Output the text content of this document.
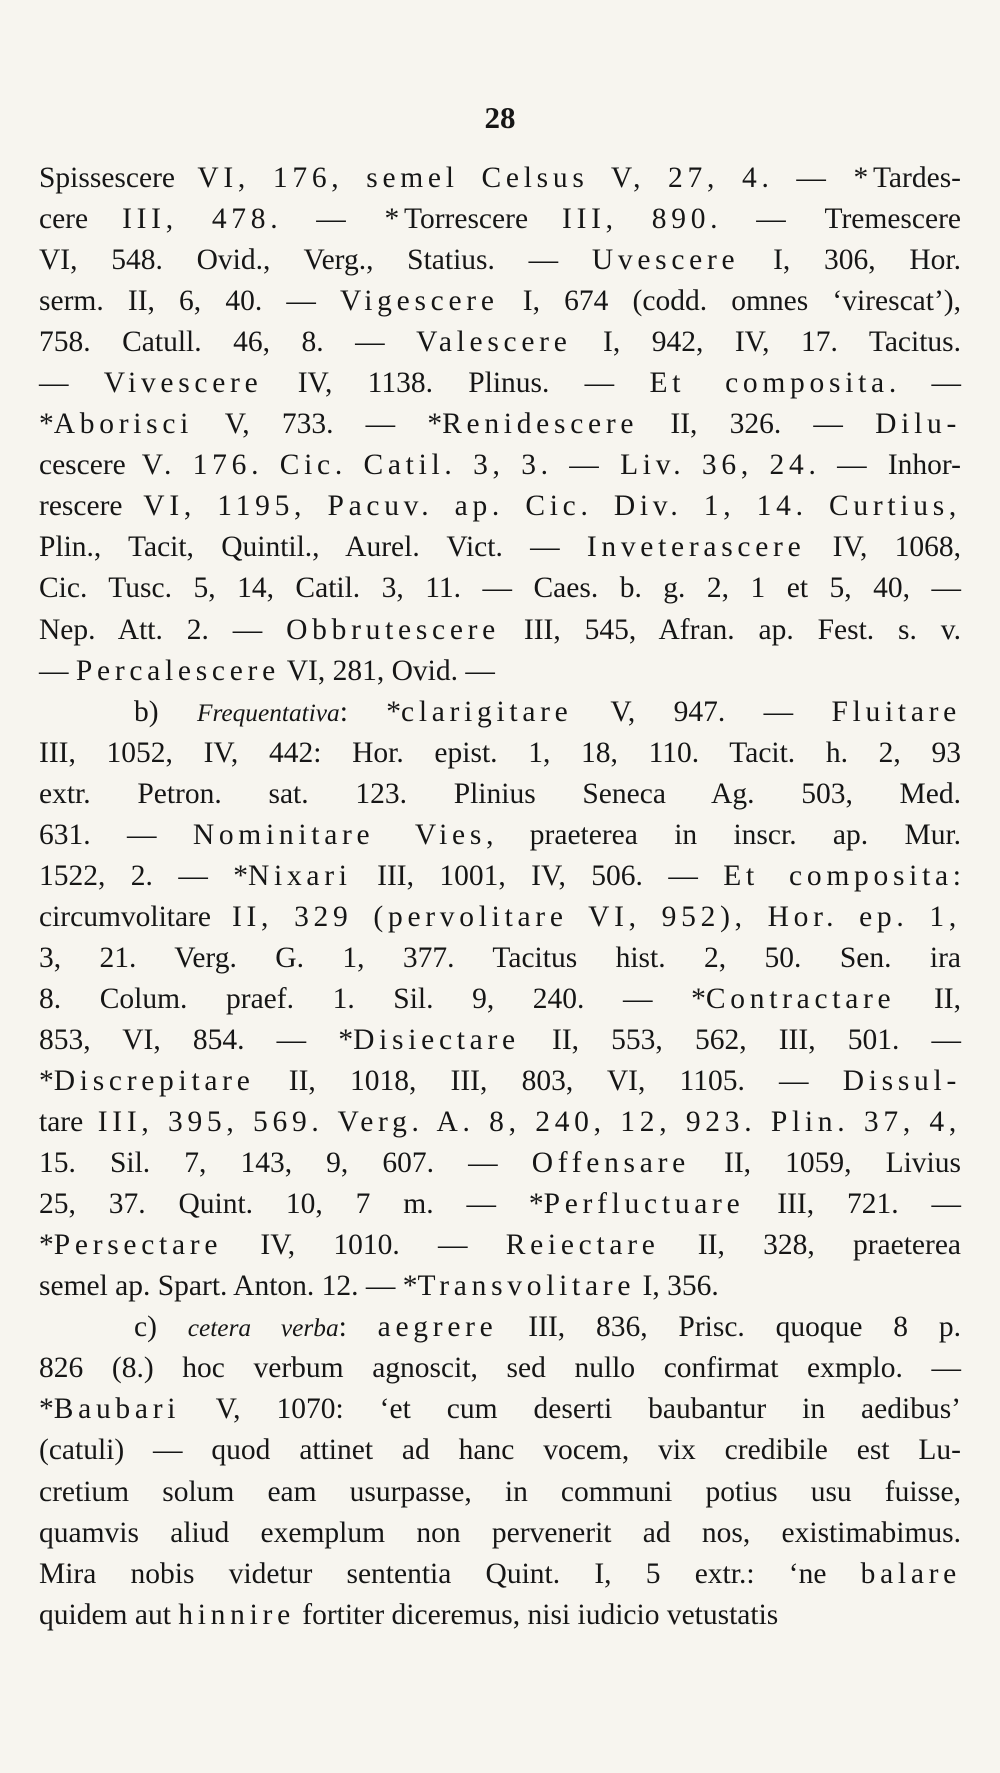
28
Spissescere VI, 176, semel Celsus V, 27, 4. — *Tardes-
cere III, 478. — *Torrescere III, 890. — Tremescere
VI, 548. Ovid., Verg., Statius. — Uvescere I, 306, Hor.
serm. II, 6, 40. — Vigescere I, 674 (codd. omnes ‘virescat’),
758. Catull. 46, 8. — Valescere I, 942, IV, 17. Tacitus.
— Vivescere IV, 1138. Plinus. — Et composita. —
*Aborisci V, 733. — *Renidescere II, 326. — Dilu-
cescere V. 176. Cic. Catil. 3, 3. — Liv. 36, 24. — Inhor-
rescere VI, 1195, Pacuv. ap. Cic. Div. 1, 14. Curtius,
Plin., Tacit, Quintil., Aurel. Vict. — Inveterascere IV, 1068,
Cic. Tusc. 5, 14, Catil. 3, 11. — Caes. b. g. 2, 1 et 5, 40, —
Nep. Att. 2. — Obbrutescere III, 545, Afran. ap. Fest. s. v.
— Percalescere VI, 281, Ovid. —
b) Frequentativa: *clarigitare V, 947. — Fluitare
III, 1052, IV, 442: Hor. epist. 1, 18, 110. Tacit. h. 2, 93
extr. Petron. sat. 123. Plinius Seneca Ag. 503, Med.
631. — Nominitare Vies, praeterea in inscr. ap. Mur.
1522, 2. — *Nixari III, 1001, IV, 506. — Et composita:
circumvolitare II, 329 (pervolitare VI, 952), Hor. ep. 1,
3, 21. Verg. G. 1, 377. Tacitus hist. 2, 50. Sen. ira
8. Colum. praef. 1. Sil. 9, 240. — *Contractare II,
853, VI, 854. — *Disiectare II, 553, 562, III, 501. —
*Discrepitare II, 1018, III, 803, VI, 1105. — Dissul-
tare III, 395, 569. Verg. A. 8, 240, 12, 923. Plin. 37, 4,
15. Sil. 7, 143, 9, 607. — Offensare II, 1059, Livius
25, 37. Quint. 10, 7 m. — *Perfluctuare III, 721. —
*Persectare IV, 1010. — Reiectare II, 328, praeterea
semel ap. Spart. Anton. 12. — *Transvolitare I, 356.
c) cetera verba: aegrere III, 836, Prisc. quoque 8 p.
826 (8.) hoc verbum agnoscit, sed nullo confirmat exmplo. —
*Baubari V, 1070: ‘et cum deserti baubantur in aedibus’
(catuli) — quod attinet ad hanc vocem, vix credibile est Lu-
cretium solum eam usurpasse, in communi potius usu fuisse,
quamvis aliud exemplum non pervenerit ad nos, existimabimus.
Mira nobis videtur sententia Quint. I, 5 extr.: ‘ne balare
quidem aut hinnire fortiter diceremus, nisi iudicio vetustatis
